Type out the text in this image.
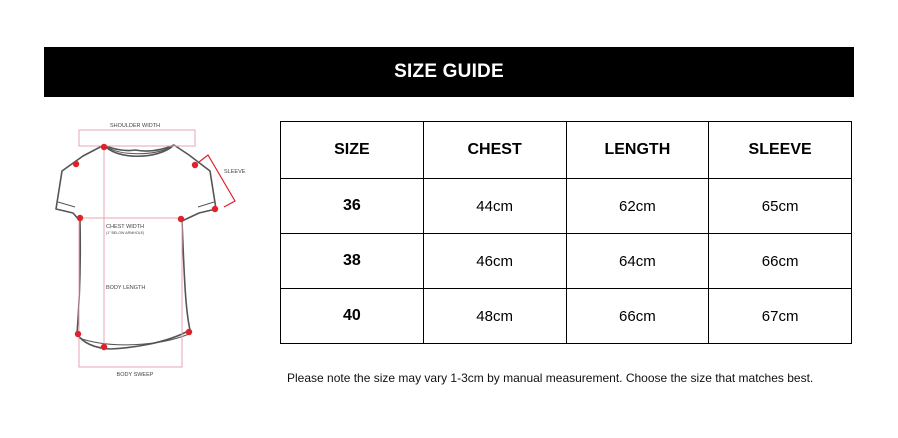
SIZE GUIDE
SHOULDER WIDTH
SLEEVE
CHEST WIDTH
(1" BELOW ARMHOLE)
BODY LENGTH
BODY SWEEP
SIZE	CHEST	LENGTH	SLEEVE
36	44cm	62cm	65cm
38	46cm	64cm	66cm
40	48cm	66cm	67cm
Please note the size may vary 1-3cm by manual measurement. Choose the size that matches best.
